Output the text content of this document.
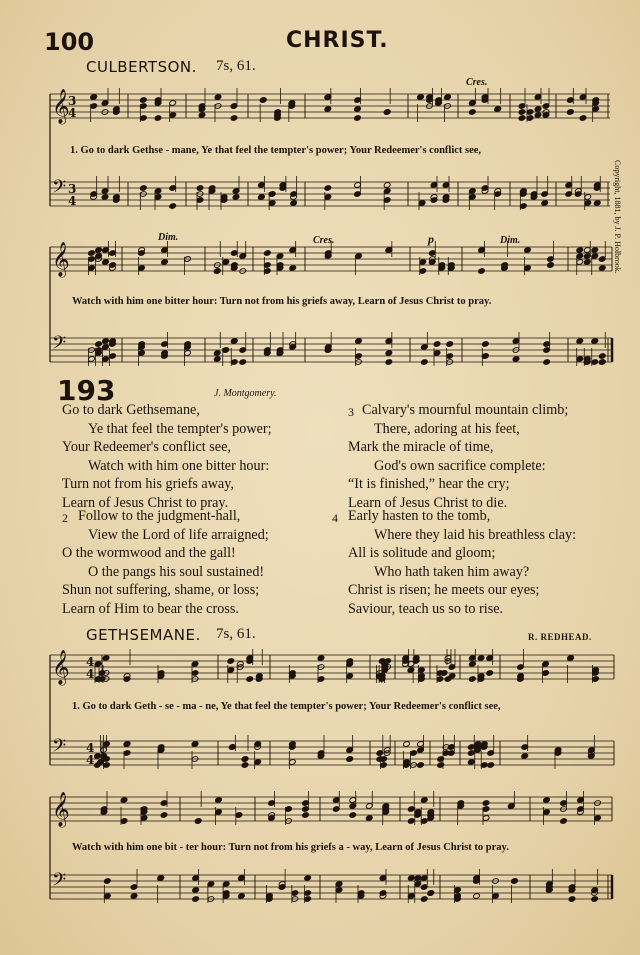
100	CHRIST.
CULBERTSON. 7s, 61.
Cres.
Dim.	Cres.	p	Dim.
1. Go to dark Gethse - mane, Ye that feel the tempter's power; Your Redeemer's conflict see,
Watch with him one bitter hour: Turn not from his griefs away, Learn of Jesus Christ to pray.
Copyright, 1881, by J. P. Holbrook.
193	J. Montgomery.
Go to dark Gethsemane,
Ye that feel the tempter's power;
Your Redeemer's conflict see,
Watch with him one bitter hour:
Turn not from his griefs away,
Learn of Jesus Christ to pray.
2 Follow to the judgment-hall,
View the Lord of life arraigned;
O the wormwood and the gall!
O the pangs his soul sustained!
Shun not suffering, shame, or loss;
Learn of Him to bear the cross.
3 Calvary's mournful mountain climb;
There, adoring at his feet,
Mark the miracle of time,
God's own sacrifice complete:
“It is finished,” hear the cry;
Learn of Jesus Christ to die.
4 Early hasten to the tomb,
Where they laid his breathless clay:
All is solitude and gloom;
Who hath taken him away?
Christ is risen; he meets our eyes;
Saviour, teach us so to rise.
GETHSEMANE. 7s, 61.	R. REDHEAD.
1. Go to dark Geth - se - ma - ne, Ye that feel the tempter's power; Your Redeemer's conflict see,
Watch with him one bit - ter hour: Turn not from his griefs a - way, Learn of Jesus Christ to pray.
𝄞
3
4
𝄢 3
4
𝄞
𝄢
𝄞 4
4
𝄢 4
4
𝄞
𝄢
